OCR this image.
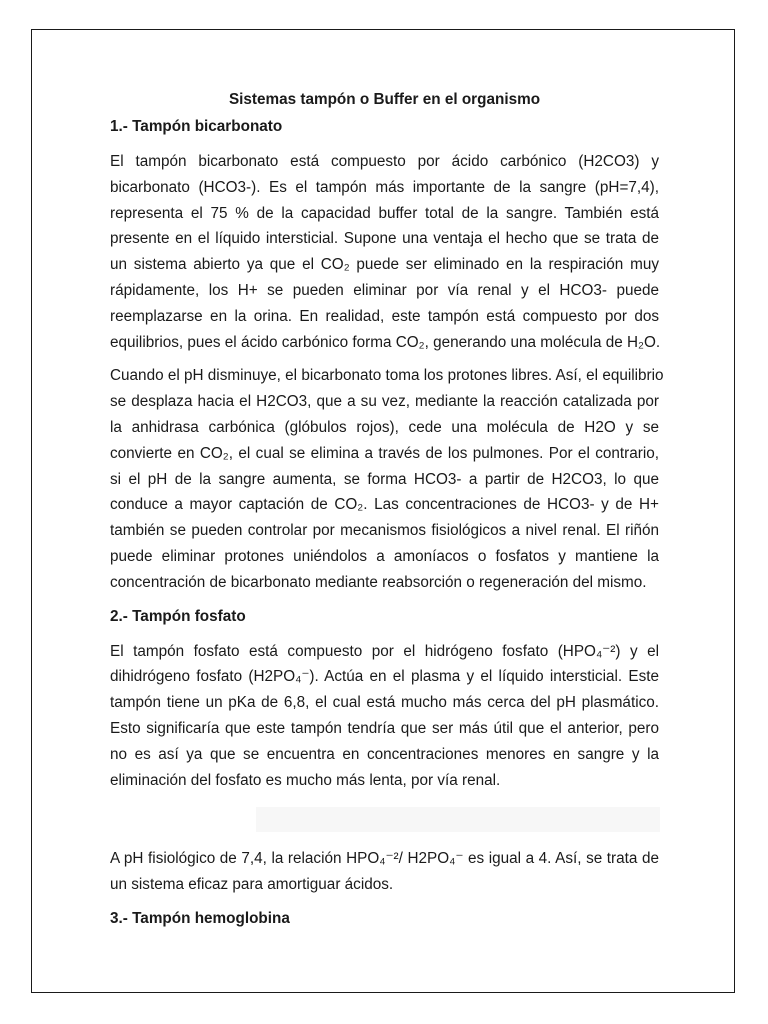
Sistemas tampón o Buffer en el organismo
1.- Tampón bicarbonato
El tampón bicarbonato está compuesto por ácido carbónico (H2CO3) y
bicarbonato (HCO3-). Es el tampón más importante de la sangre (pH=7,4),
representa el 75 % de la capacidad buffer total de la sangre. También está
presente en el líquido intersticial. Supone una ventaja el hecho que se trata de
un sistema abierto ya que el CO₂ puede ser eliminado en la respiración muy
rápidamente, los H+ se pueden eliminar por vía renal y el HCO3- puede
reemplazarse en la orina. En realidad, este tampón está compuesto por dos
equilibrios, pues el ácido carbónico forma CO₂, generando una molécula de H₂O.
Cuando el pH disminuye, el bicarbonato toma los protones libres. Así, el equilibrio
se desplaza hacia el H2CO3, que a su vez, mediante la reacción catalizada por
la anhidrasa carbónica (glóbulos rojos), cede una molécula de H2O y se
convierte en CO₂, el cual se elimina a través de los pulmones. Por el contrario,
si el pH de la sangre aumenta, se forma HCO3- a partir de H2CO3, lo que
conduce a mayor captación de CO₂. Las concentraciones de HCO3- y de H+
también se pueden controlar por mecanismos fisiológicos a nivel renal. El riñón
puede eliminar protones uniéndolos a amoníacos o fosfatos y mantiene la
concentración de bicarbonato mediante reabsorción o regeneración del mismo.
2.- Tampón fosfato
El tampón fosfato está compuesto por el hidrógeno fosfato (HPO₄⁻²) y el
dihidrógeno fosfato (H2PO₄⁻). Actúa en el plasma y el líquido intersticial. Este
tampón tiene un pKa de 6,8, el cual está mucho más cerca del pH plasmático.
Esto significaría que este tampón tendría que ser más útil que el anterior, pero
no es así ya que se encuentra en concentraciones menores en sangre y la
eliminación del fosfato es mucho más lenta, por vía renal.
A pH fisiológico de 7,4, la relación HPO₄⁻²/ H2PO₄⁻ es igual a 4. Así, se trata de
un sistema eficaz para amortiguar ácidos.
3.- Tampón hemoglobina
